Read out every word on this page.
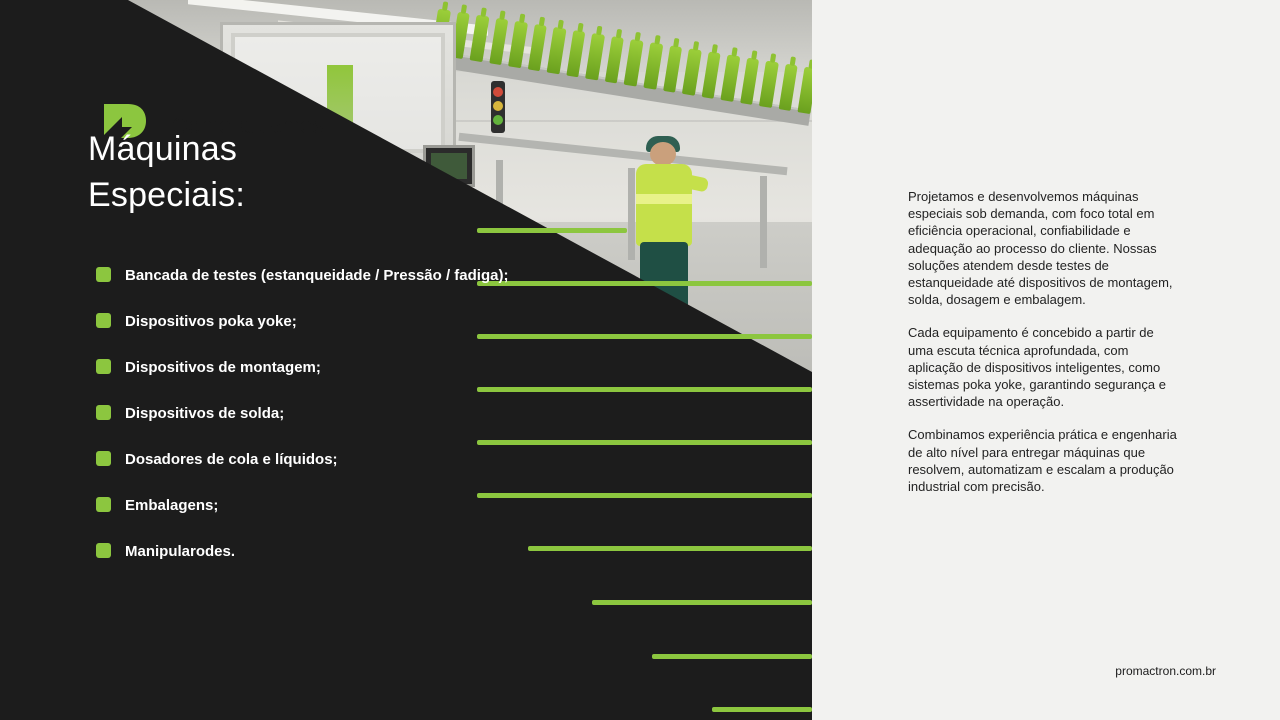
Máquinas
Especiais:
Bancada de testes (estanqueidade / Pressão / fadiga);
Dispositivos poka yoke;
Dispositivos de montagem;
Dispositivos de solda;
Dosadores de cola e líquidos;
Embalagens;
Manipularodes.
Como atuamos:

Projetamos e desenvolvemos máquinas especiais sob demanda, com foco total em eficiência operacional, confiabilidade e adequação ao processo do cliente. Nossas soluções atendem desde testes de estanqueidade até dispositivos de montagem, solda, dosagem e embalagem.

Cada equipamento é concebido a partir de uma escuta técnica aprofundada, com aplicação de dispositivos inteligentes, como sistemas poka yoke, garantindo segurança e assertividade na operação.

Combinamos experiência prática e engenharia de alto nível para entregar máquinas que resolvem, automatizam e escalam a produção industrial com precisão.

promactron.com.br
